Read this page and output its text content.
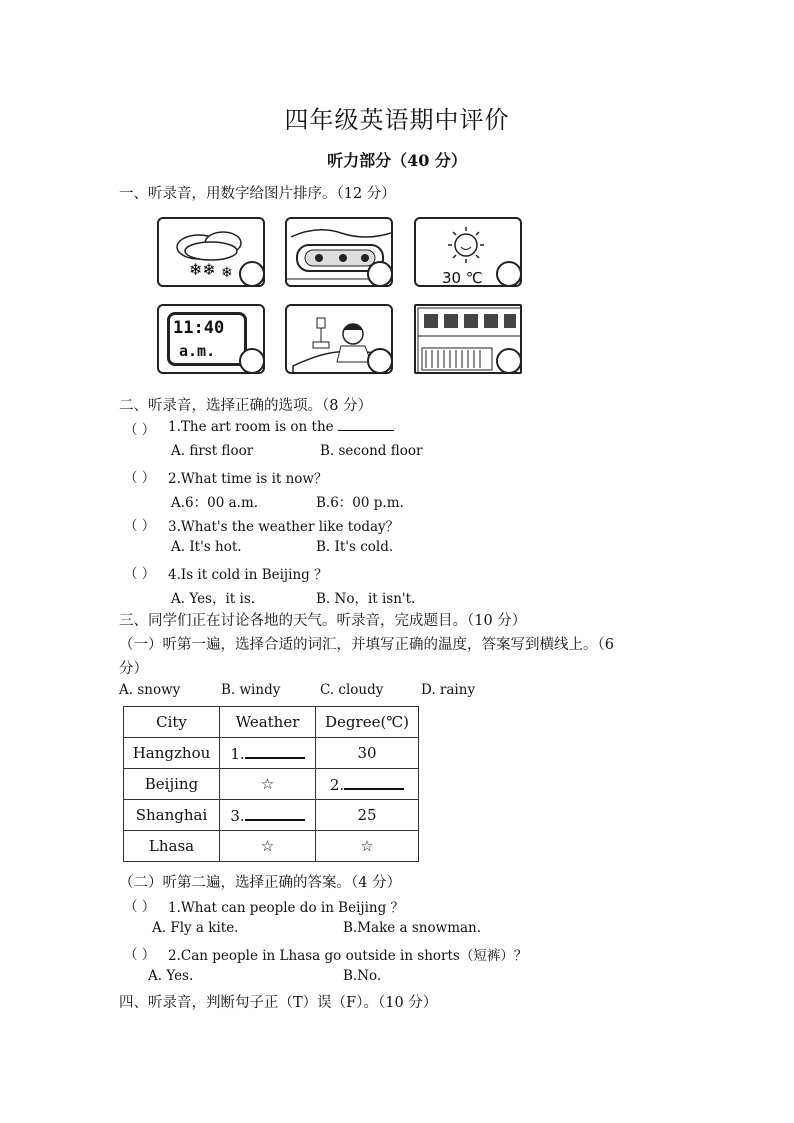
四年级英语期中评价
听力部分（40 分）
一、听录音，用数字给图片排序。（12 分）
❄❄ ❄	30 ℃
11:40
a.m.
二、听录音，选择正确的选项。（8 分）
（ ） 1.The art room is on the
A. first floor	B. second floor
（ ） 2.What time is it now？
A.6：00 a.m.	B.6：00 p.m.
（ ） 3.What's the weather like today？
A. It's hot.	B. It's cold.
（ ） 4.Is it cold in Beijing ？
A. Yes，it is.	B. No，it isn't.
三、同学们正在讨论各地的天气。听录音，完成题目。（10 分）
（一）听第一遍，选择合适的词汇，并填写正确的温度，答案写到横线上。（6
分）
A. snowy	B. windy	C. cloudy	D. rainy
City	Weather	Degree(℃)
Hangzhou	1.	30
Beijing	☆	2.
Shanghai	3.	25
Lhasa	☆	☆
（二）听第二遍，选择正确的答案。（4 分）
（ ） 1.What can people do in Beijing ？
A. Fly a kite.	B.Make a snowman.
（ ） 2.Can people in Lhasa go outside in shorts（短裤）？
A. Yes.	B.No.
四、听录音，判断句子正（T）误（F）。（10 分）
